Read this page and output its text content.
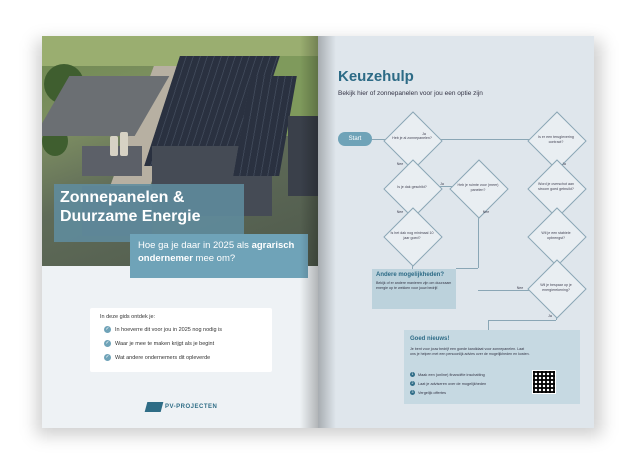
Zonnepanelen & Duurzame Energie
Hoe ga je daar in 2025 als agrarisch ondernemer mee om?
In deze gids ontdek je:
✓ In hoeverre dit voor jou in 2025 nog nodig is
✓ Waar je mee te maken krijgt als je begint
✓ Wat andere ondernemers dit opleverde
PV-PROJECTEN
Keuzehulp
Bekijk hier of zonnepanelen voor jou een optie zijn
Start	Heb je al zonnepanelen?
Is je dak geschikt?	Heb je ruimte voor (meer) panelen?
Is het dak nog minimaal 10 jaar goed?
Is er een teruglevering contract?
Word je overschot aan stroom goed gebruikt?
Wil je een stabiele opbrengst?
Wil je bespaar op je energierekening?
Ja
Nee
Ja
Nee	Nee
Ja
Nee
Ja
Andere mogelijkheden?
Bekijk of er andere manieren zijn om duurzaam energie op te wekken voor jouw bedrijf.
Goed nieuws!
Je bent voor jouw bedrijf een goede kandidaat voor zonnepanelen. Laat ons je helpen met een persoonlijk advies over de mogelijkheden en kosten.
1	Maak een (online) financiële inschatting
2	Laat je adviseren over de mogelijkheden
3	Vergelijk offertes
